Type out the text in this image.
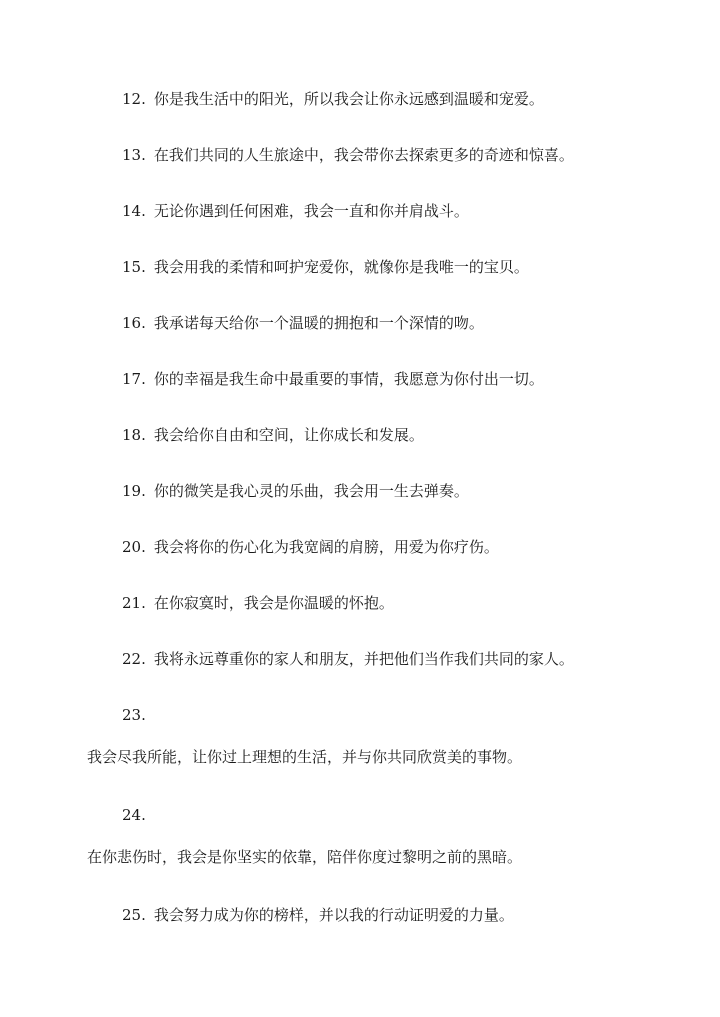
12. 你是我生活中的阳光，所以我会让你永远感到温暖和宠爱。
13. 在我们共同的人生旅途中，我会带你去探索更多的奇迹和惊喜。
14. 无论你遇到任何困难，我会一直和你并肩战斗。
15. 我会用我的柔情和呵护宠爱你，就像你是我唯一的宝贝。
16. 我承诺每天给你一个温暖的拥抱和一个深情的吻。
17. 你的幸福是我生命中最重要的事情，我愿意为你付出一切。
18. 我会给你自由和空间，让你成长和发展。
19. 你的微笑是我心灵的乐曲，我会用一生去弹奏。
20. 我会将你的伤心化为我宽阔的肩膀，用爱为你疗伤。
21. 在你寂寞时，我会是你温暖的怀抱。
22. 我将永远尊重你的家人和朋友，并把他们当作我们共同的家人。
23.
我会尽我所能，让你过上理想的生活，并与你共同欣赏美的事物。
24.
在你悲伤时，我会是你坚实的依靠，陪伴你度过黎明之前的黑暗。
25. 我会努力成为你的榜样，并以我的行动证明爱的力量。
